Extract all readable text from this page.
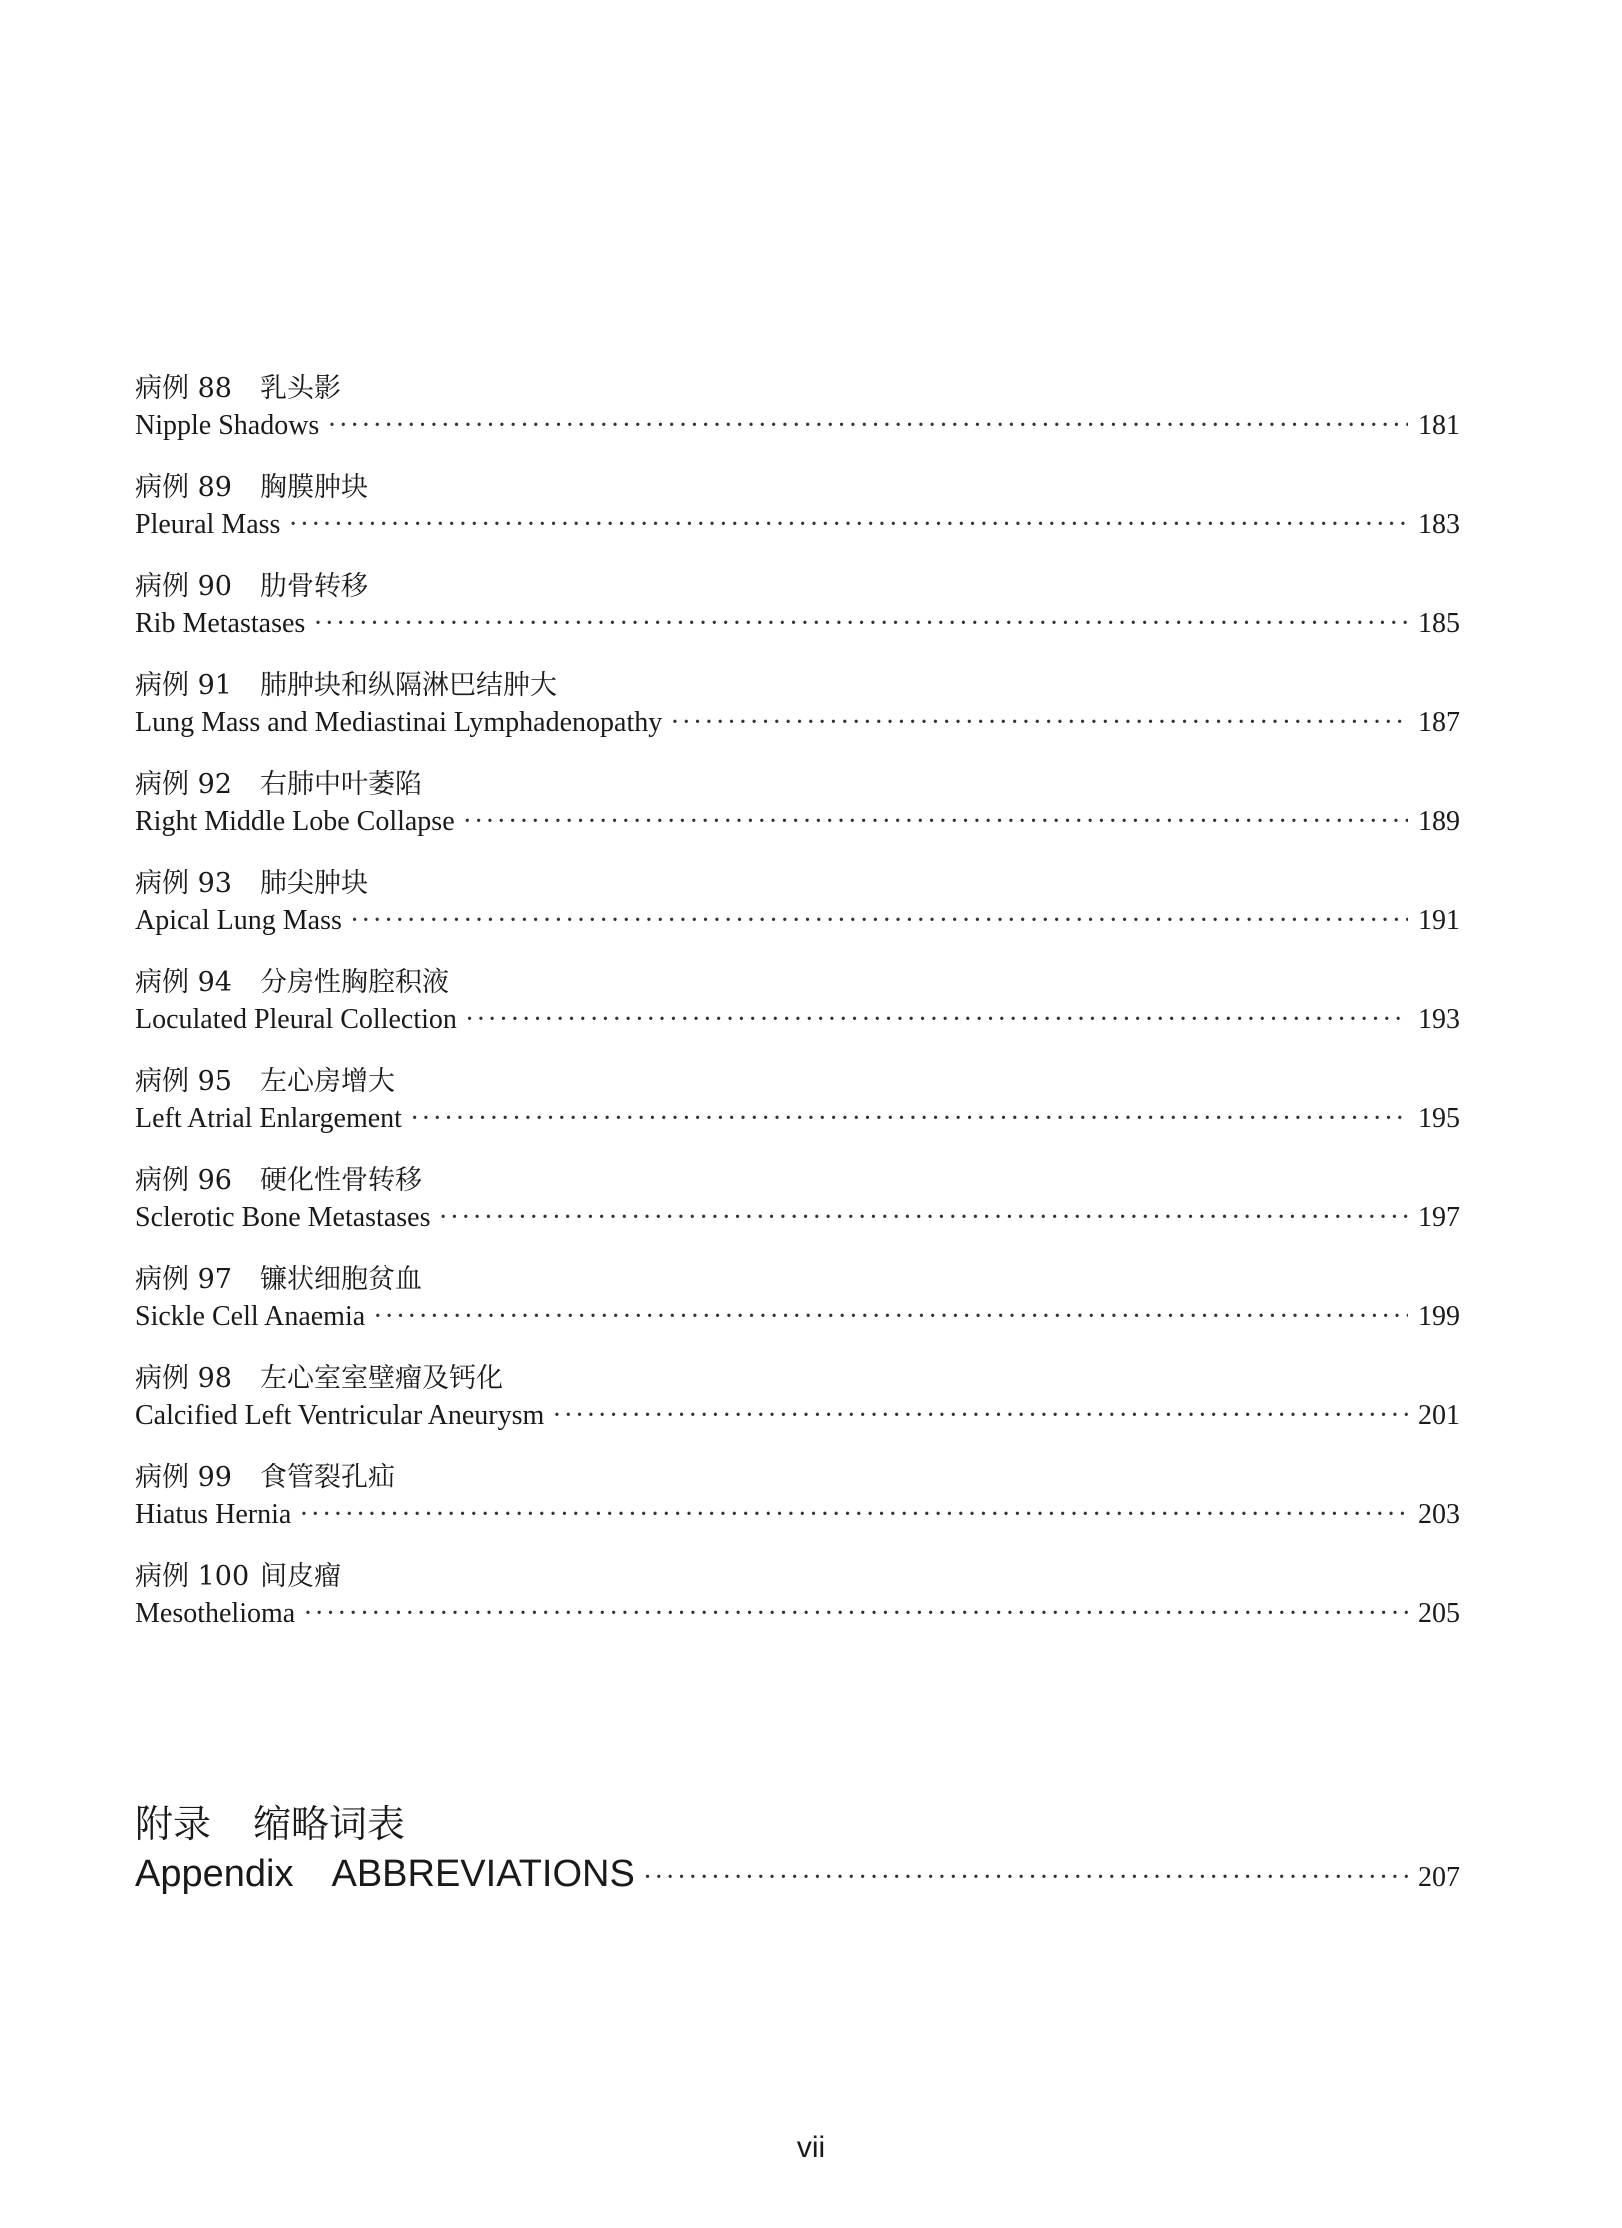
病例 88 乳头影
Nipple Shadows ·····	181
病例 89 胸膜肿块
Pleural Mass ·····	183
病例 90 肋骨转移
Rib Metastases ·····	185
病例 91 肺肿块和纵隔淋巴结肿大
Lung Mass and Mediastinai Lymphadenopathy ·····	187
病例 92 右肺中叶萎陷
Right Middle Lobe Collapse ·····	189
病例 93 肺尖肿块
Apical Lung Mass ·····	191
病例 94 分房性胸腔积液
Loculated Pleural Collection ·····	193
病例 95 左心房增大
Left Atrial Enlargement ·····	195
病例 96 硬化性骨转移
Sclerotic Bone Metastases ·····	197
病例 97 镰状细胞贫血
Sickle Cell Anaemia ·····	199
病例 98 左心室室壁瘤及钙化
Calcified Left Ventricular Aneurysm ·····	201
病例 99 食管裂孔疝
Hiatus Hernia ·····	203
病例 100 间皮瘤
Mesothelioma ·····	205
附录 缩略词表
Appendix ABBREVIATIONS ·····	207
vii
